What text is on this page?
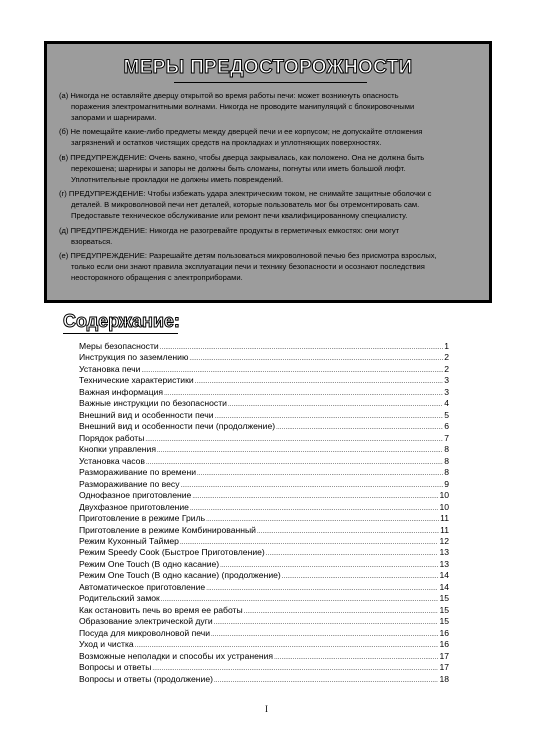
МЕРЫ ПРЕДОСТОРОЖНОСТИ
(а) Никогда не оставляйте дверцу открытой во время работы печи: может возникнуть опасность
поражения электромагнитными волнами. Никогда не проводите манипуляций с блокировочными
запорами и шарнирами.
(б) Не помещайте какие-либо предметы между дверцей печи и ее корпусом; не допускайте отложения
загрязнений и остатков чистящих средств на прокладках и уплотняющих поверхностях.
(в) ПРЕДУПРЕЖДЕНИЕ: Очень важно, чтобы дверца закрывалась, как положено. Она не должна быть
перекошена; шарниры и запоры не должны быть сломаны, погнуты или иметь большой люфт.
Уплотнительные прокладки не должны иметь повреждений.
(г) ПРЕДУПРЕЖДЕНИЕ: Чтобы избежать удара электрическим током, не снимайте защитные оболочки с
деталей. В микроволновой печи нет деталей, которые пользователь мог бы отремонтировать сам.
Предоставьте техническое обслуживание или ремонт печи квалифицированному специалисту.
(д) ПРЕДУПРЕЖДЕНИЕ: Никогда не разогревайте продукты в герметичных емкостях: они могут
взорваться.
(е) ПРЕДУПРЕЖДЕНИЕ: Разрешайте детям пользоваться микроволновой печью без присмотра взрослых,
только если они знают правила эксплуатации печи и технику безопасности и осознают последствия
неосторожного обращения с электроприборами.
Содержание:
Меры безопасности .....	1
Инструкция по заземлению .....	2
Установка печи .....	2
Технические характеристики .....	3
Важная информация .....	3
Важные инструкции по безопасности .....	4
Внешний вид и особенности печи .....	5
Внешний вид и особенности печи (продолжение) .....	6
Порядок работы .....	7
Кнопки управления .....	8
Установка часов .....	8
Размораживание по времени .....	8
Размораживание по весу .....	9
Однофазное приготовление .....	10
Двухфазное приготовление .....	10
Приготовление в режиме Гриль .....	11
Приготовление в режиме Комбинированный .....	11
Режим Кухонный Таймер .....	12
Режим Speedy Cook (Быстрое Приготовление) .....	13
Режим One Touch (В одно касание) .....	13
Режим One Touch (В одно касание) (продолжение) .....	14
Автоматическое приготовление .....	14
Родительский замок .....	15
Как остановить печь во время ее работы .....	15
Образование электрической дуги .....	15
Посуда для микроволновой печи .....	16
Уход и чистка .....	16
Возможные неполадки и способы их устранения .....	17
Вопросы и ответы .....	17
Вопросы и ответы (продолжение) .....	18
I
